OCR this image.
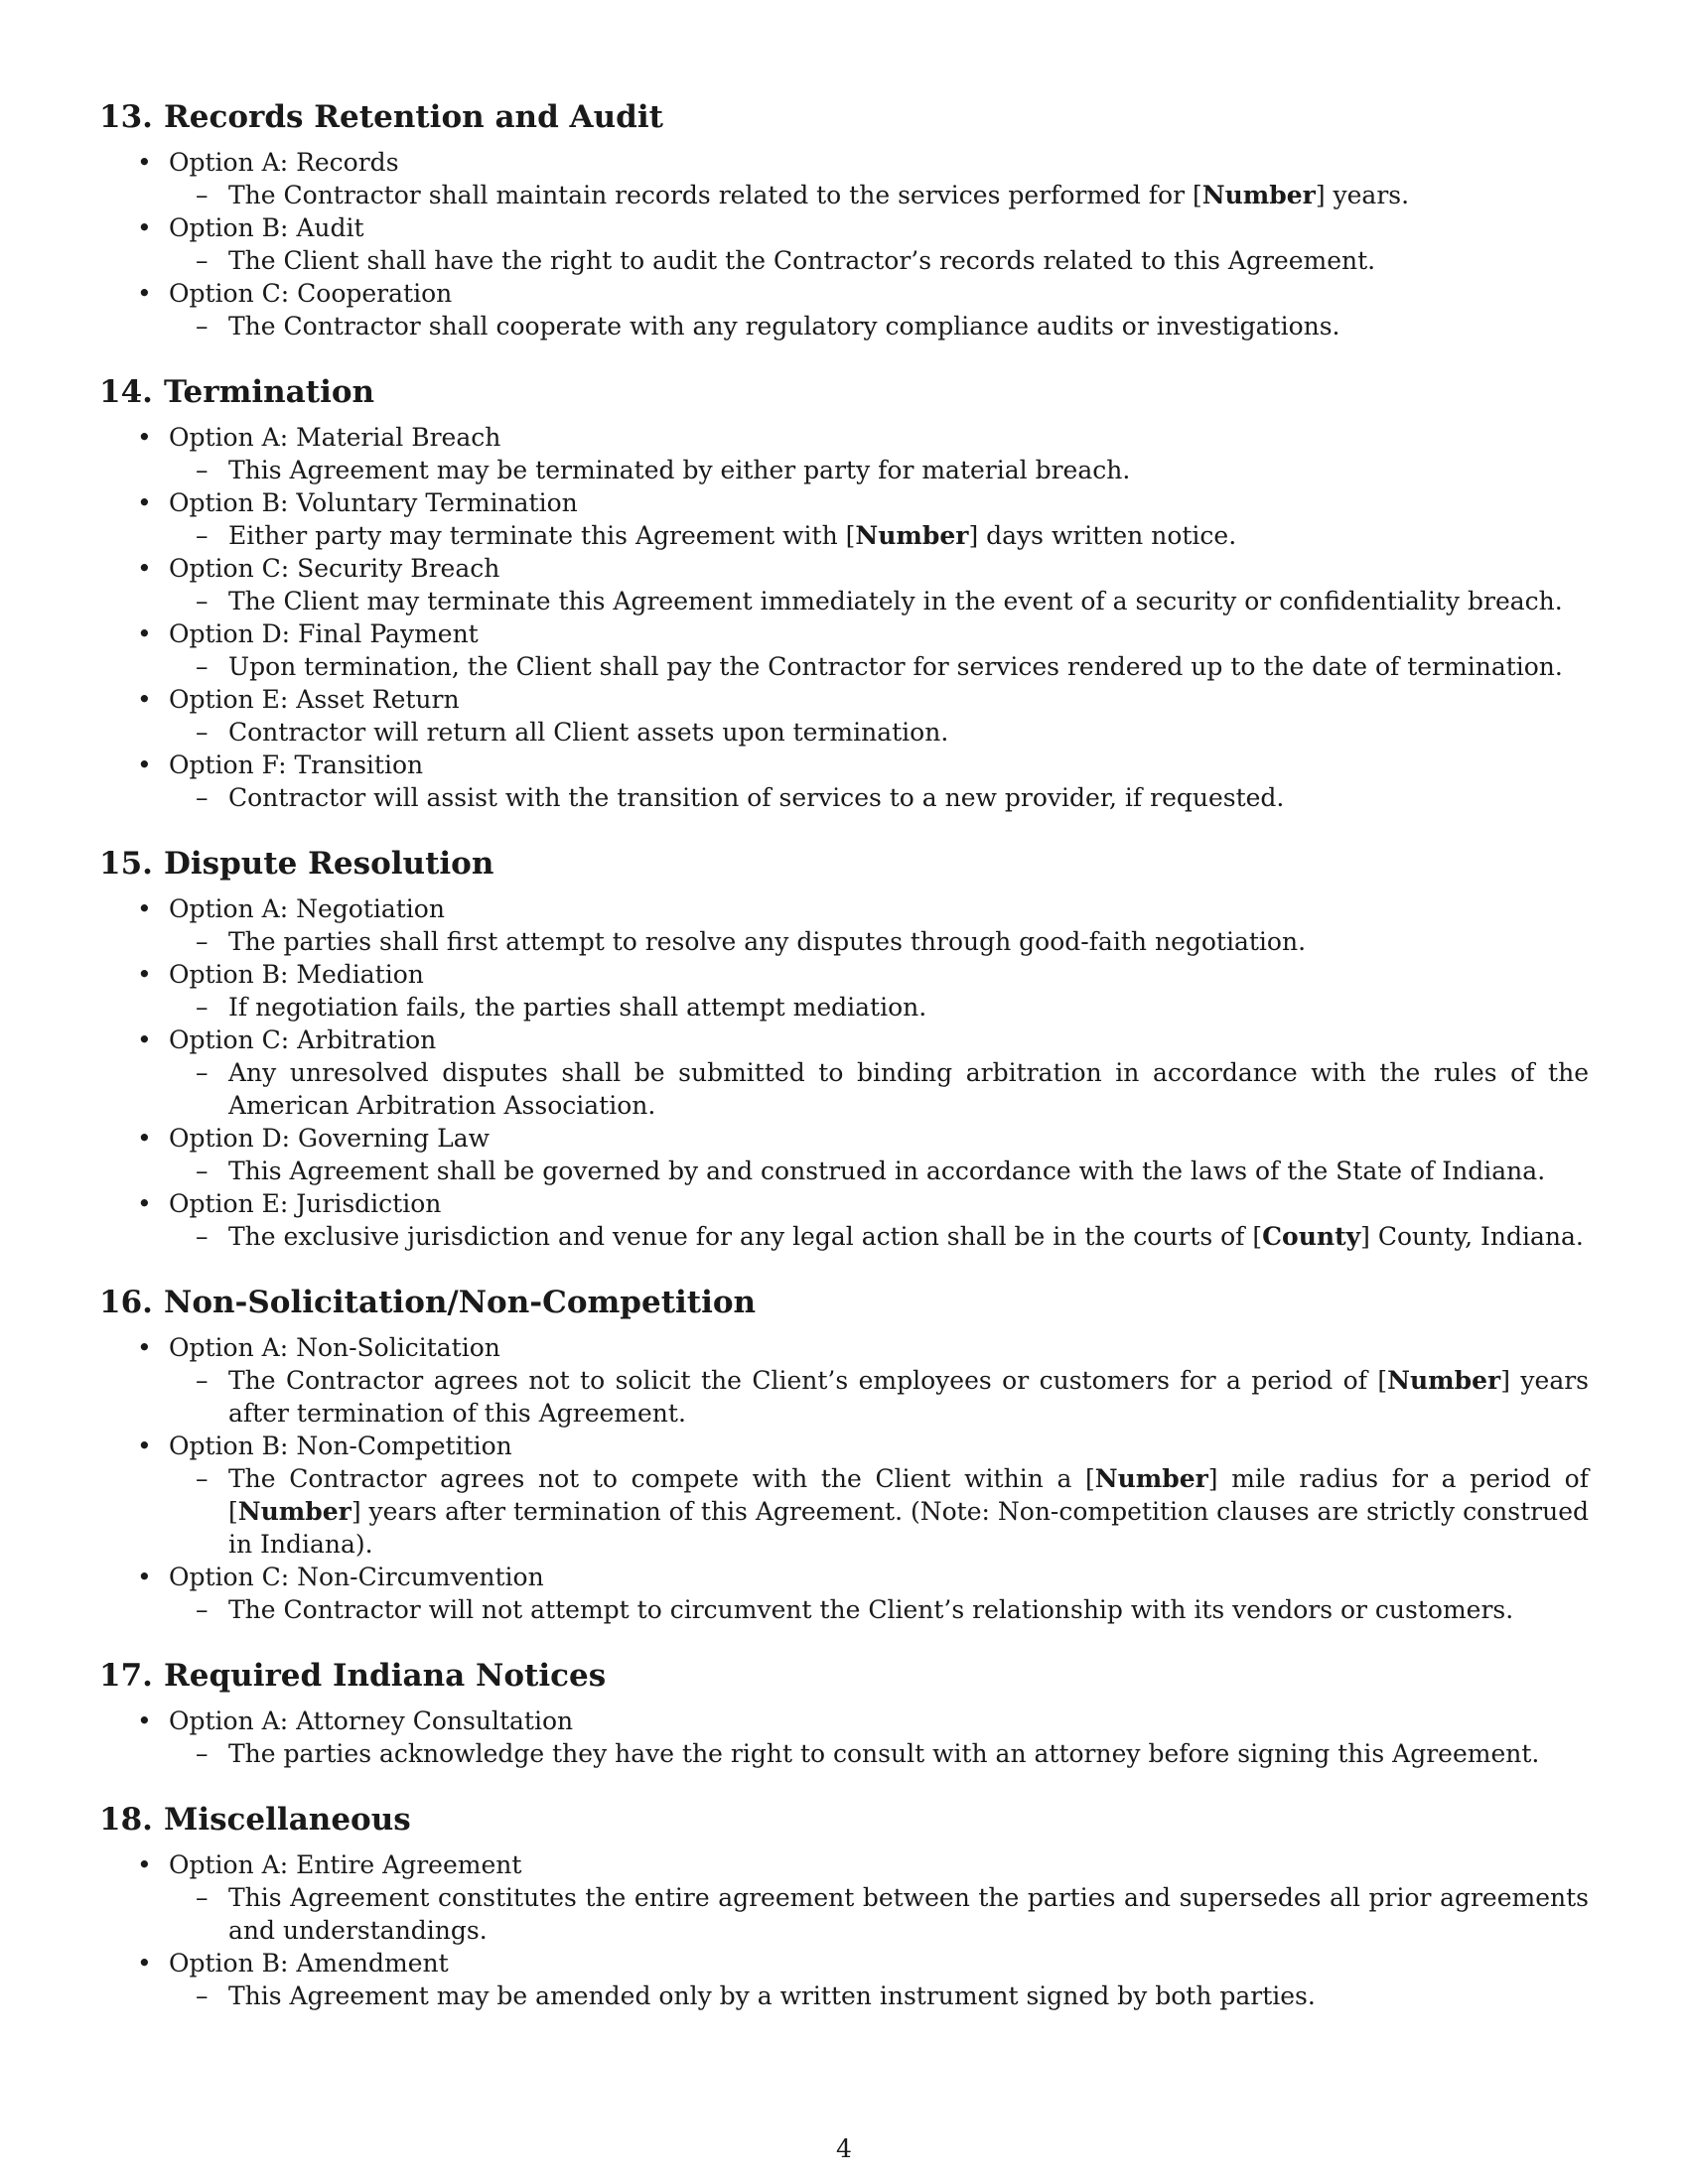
13. Records Retention and Audit
• Option A: Records
– The Contractor shall maintain records related to the services performed for [Number] years.
• Option B: Audit
– The Client shall have the right to audit the Contractor’s records related to this Agreement.
• Option C: Cooperation
– The Contractor shall cooperate with any regulatory compliance audits or investigations.
14. Termination
• Option A: Material Breach
– This Agreement may be terminated by either party for material breach.
• Option B: Voluntary Termination
– Either party may terminate this Agreement with [Number] days written notice.
• Option C: Security Breach
– The Client may terminate this Agreement immediately in the event of a security or confidentiality breach.
• Option D: Final Payment
– Upon termination, the Client shall pay the Contractor for services rendered up to the date of termination.
• Option E: Asset Return
– Contractor will return all Client assets upon termination.
• Option F: Transition
– Contractor will assist with the transition of services to a new provider, if requested.
15. Dispute Resolution
• Option A: Negotiation
– The parties shall first attempt to resolve any disputes through good-faith negotiation.
• Option B: Mediation
– If negotiation fails, the parties shall attempt mediation.
• Option C: Arbitration
– Any unresolved disputes shall be submitted to binding arbitration in accordance with the rules of the American Arbitration Association.
• Option D: Governing Law
– This Agreement shall be governed by and construed in accordance with the laws of the State of Indiana.
• Option E: Jurisdiction
– The exclusive jurisdiction and venue for any legal action shall be in the courts of [County] County, Indiana.
16. Non-Solicitation/Non-Competition
• Option A: Non-Solicitation
– The Contractor agrees not to solicit the Client’s employees or customers for a period of [Number] years after termination of this Agreement.
• Option B: Non-Competition
– The Contractor agrees not to compete with the Client within a [Number] mile radius for a period of [Number] years after termination of this Agreement. (Note: Non-competition clauses are strictly construed in Indiana).
• Option C: Non-Circumvention
– The Contractor will not attempt to circumvent the Client’s relationship with its vendors or customers.
17. Required Indiana Notices
• Option A: Attorney Consultation
– The parties acknowledge they have the right to consult with an attorney before signing this Agreement.
18. Miscellaneous
• Option A: Entire Agreement
– This Agreement constitutes the entire agreement between the parties and supersedes all prior agreements and understandings.
• Option B: Amendment
– This Agreement may be amended only by a written instrument signed by both parties.
4
